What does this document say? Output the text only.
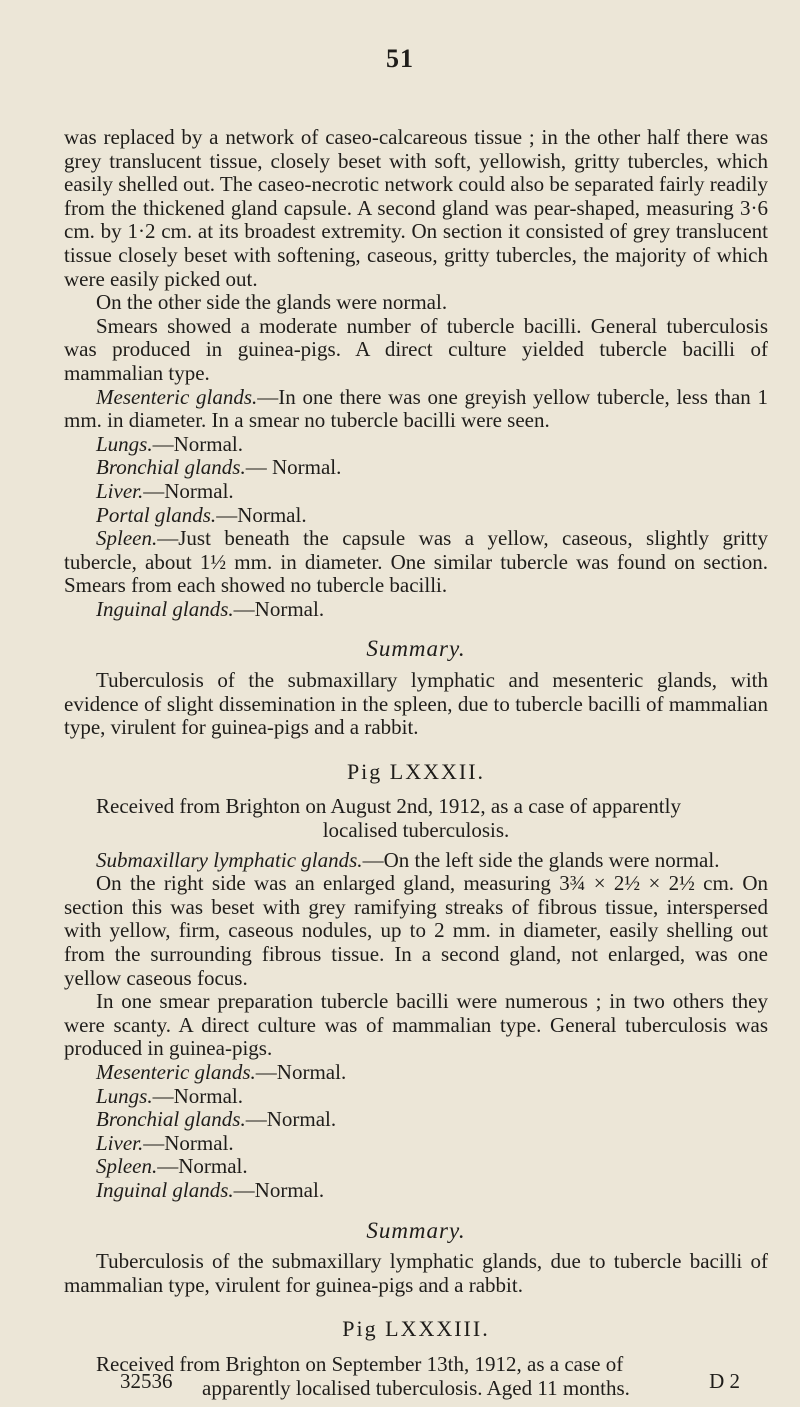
51

was replaced by a network of caseo-calcareous tissue ; in the other half there was grey translucent tissue, closely beset with soft, yellowish, gritty tubercles, which easily shelled out. The caseo-necrotic network could also be separated fairly readily from the thickened gland capsule. A second gland was pear-shaped, measuring 3·6 cm. by 1·2 cm. at its broadest extremity. On section it consisted of grey translucent tissue closely beset with softening, caseous, gritty tubercles, the majority of which were easily picked out.

On the other side the glands were normal.

Smears showed a moderate number of tubercle bacilli. General tuberculosis was produced in guinea-pigs. A direct culture yielded tubercle bacilli of mammalian type.

Mesenteric glands.—In one there was one greyish yellow tubercle, less than 1 mm. in diameter. In a smear no tubercle bacilli were seen.

Lungs.—Normal.

Bronchial glands.— Normal.

Liver.—Normal.

Portal glands.—Normal.

Spleen.—Just beneath the capsule was a yellow, caseous, slightly gritty tubercle, about 1½ mm. in diameter. One similar tubercle was found on section. Smears from each showed no tubercle bacilli.

Inguinal glands.—Normal.

Summary.

Tuberculosis of the submaxillary lymphatic and mesenteric glands, with evidence of slight dissemination in the spleen, due to tubercle bacilli of mammalian type, virulent for guinea-pigs and a rabbit.

Pig LXXXII.

Received from Brighton on August 2nd, 1912, as a case of apparently

localised tuberculosis.

Submaxillary lymphatic glands.—On the left side the glands were normal.

On the right side was an enlarged gland, measuring 3¾ × 2½ × 2½ cm. On section this was beset with grey ramifying streaks of fibrous tissue, interspersed with yellow, firm, caseous nodules, up to 2 mm. in diameter, easily shelling out from the surrounding fibrous tissue. In a second gland, not enlarged, was one yellow caseous focus.

In one smear preparation tubercle bacilli were numerous ; in two others they were scanty. A direct culture was of mammalian type. General tuberculosis was produced in guinea-pigs.

Mesenteric glands.—Normal.

Lungs.—Normal.

Bronchial glands.—Normal.

Liver.—Normal.

Spleen.—Normal.

Inguinal glands.—Normal.

Summary.

Tuberculosis of the submaxillary lymphatic glands, due to tubercle bacilli of mammalian type, virulent for guinea-pigs and a rabbit.

Pig LXXXIII.

Received from Brighton on September 13th, 1912, as a case of

apparently localised tuberculosis. Aged 11 months.

32536	D 2
